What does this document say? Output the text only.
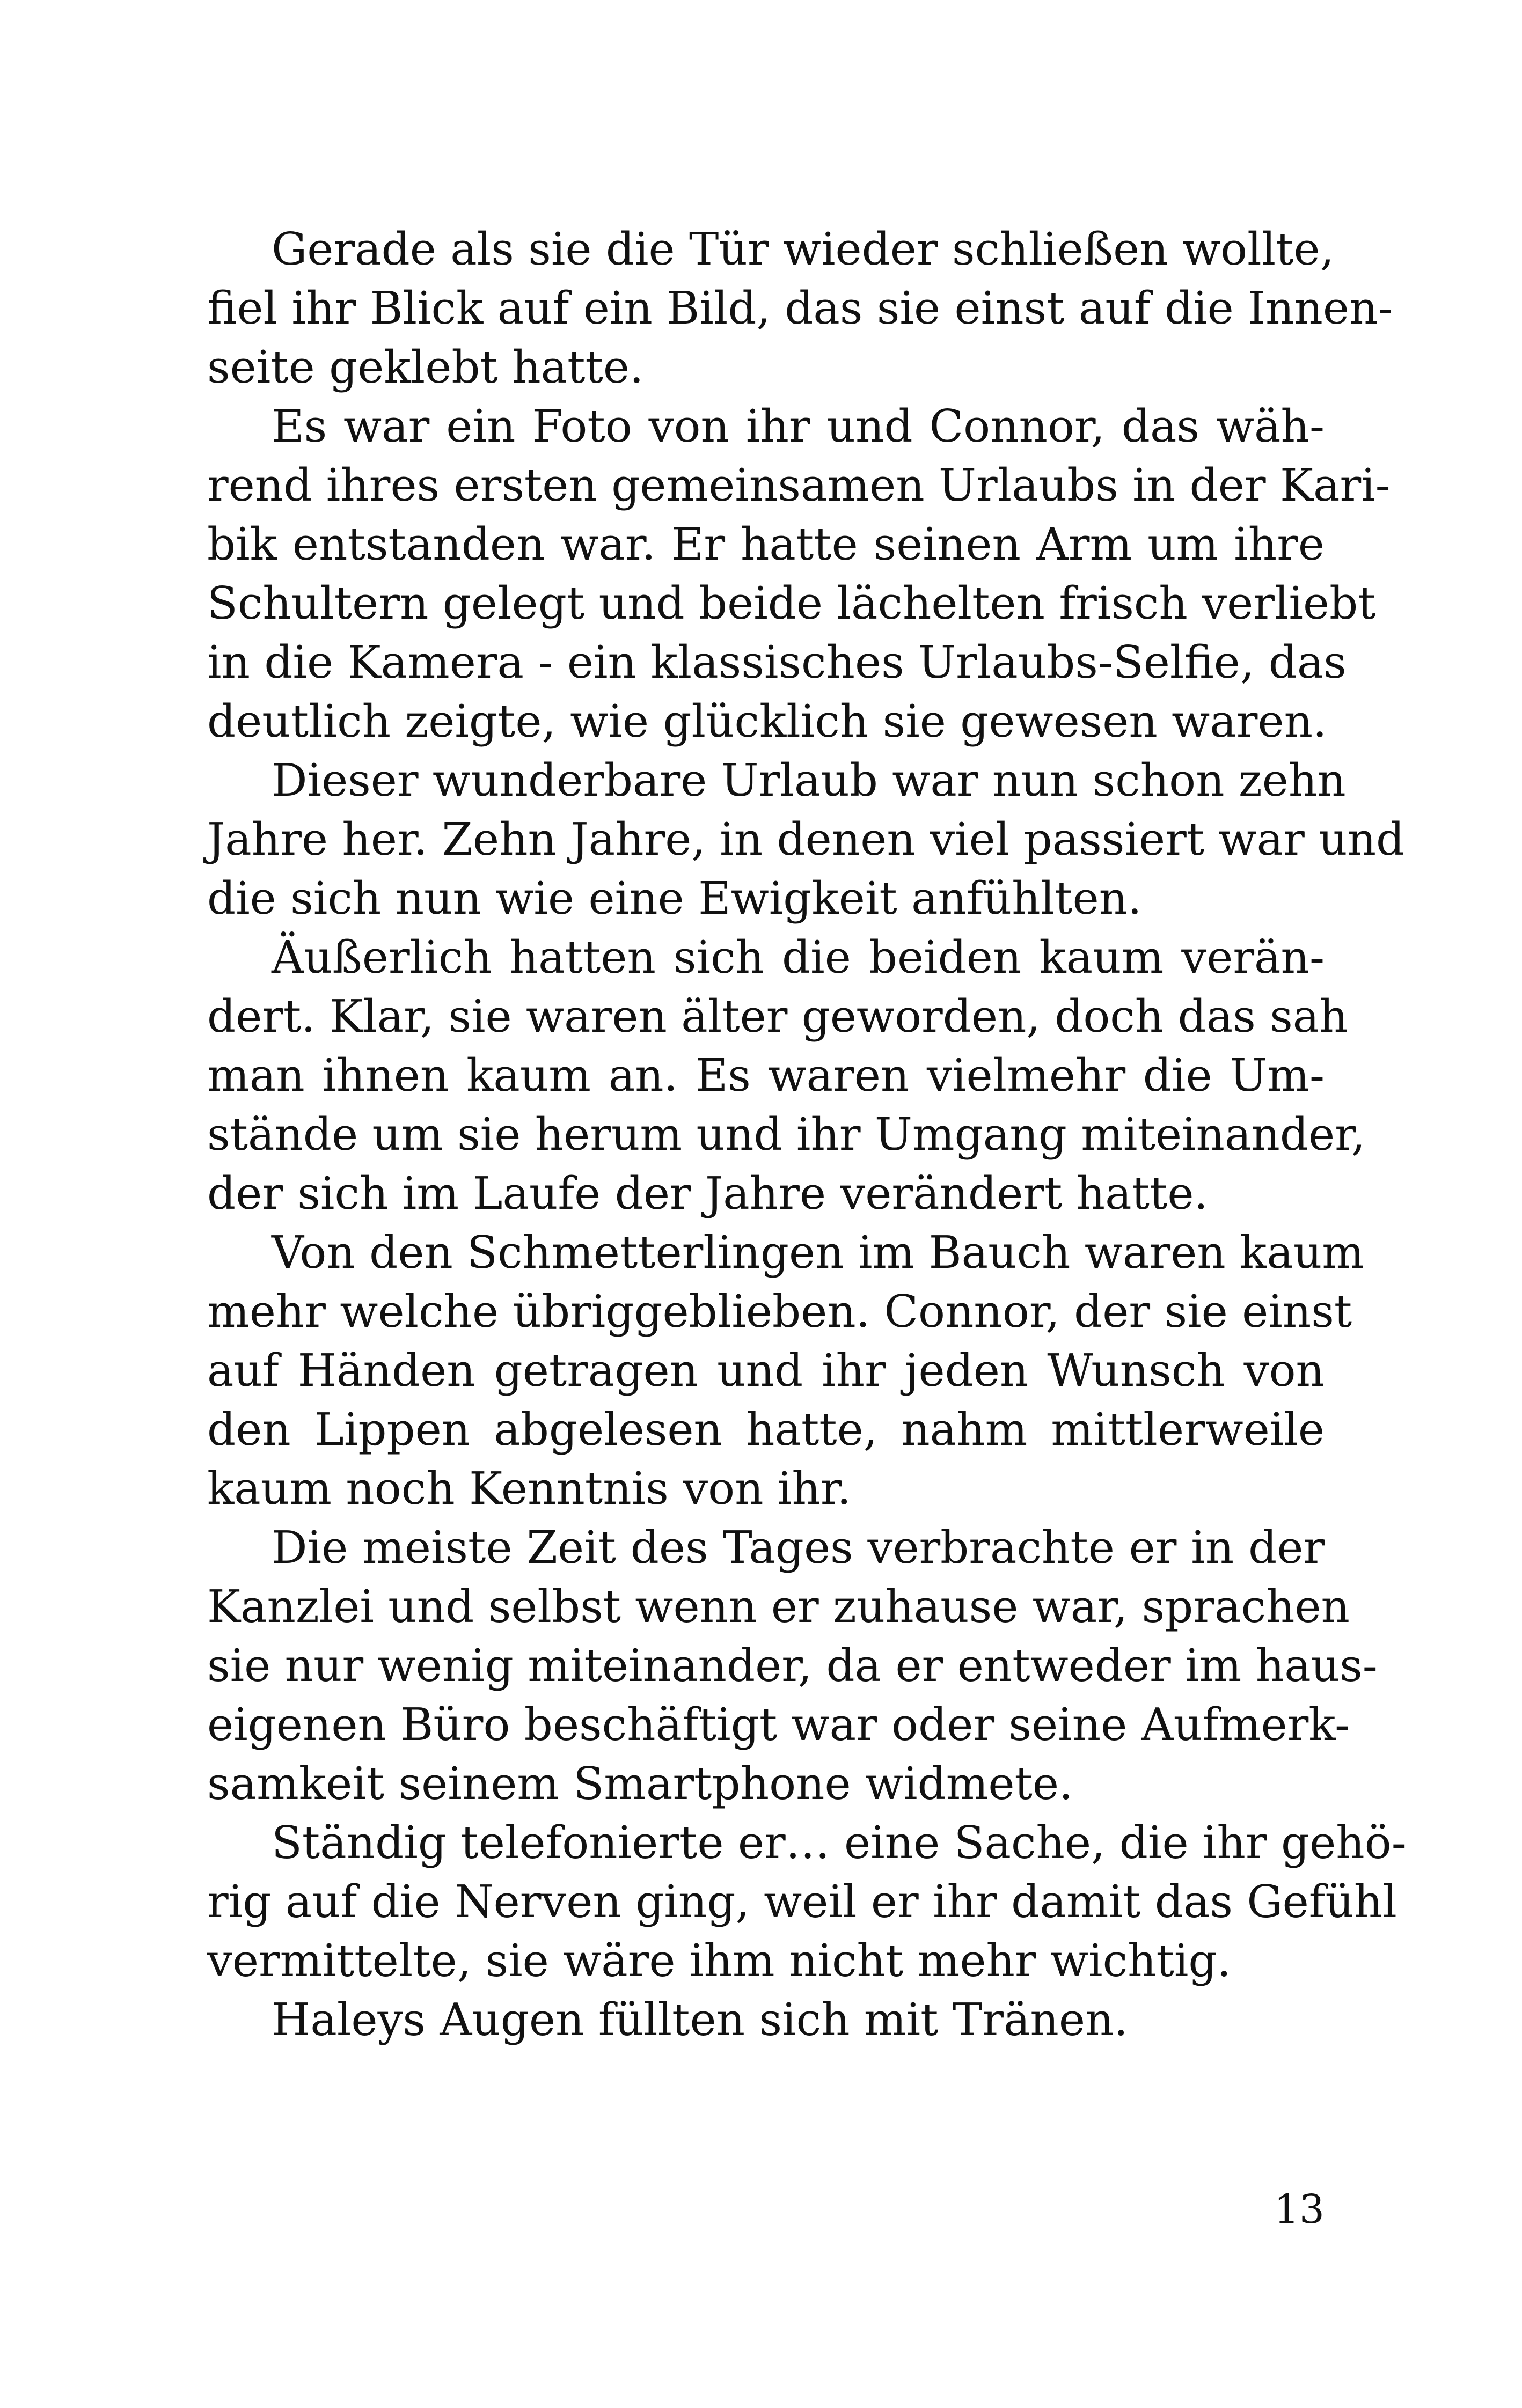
Gerade als sie die Tür wieder schließen wollte,

fiel ihr Blick auf ein Bild, das sie einst auf die Innen-

seite geklebt hatte.

Es war ein Foto von ihr und Connor, das wäh-

rend ihres ersten gemeinsamen Urlaubs in der Kari-

bik entstanden war. Er hatte seinen Arm um ihre

Schultern gelegt und beide lächelten frisch verliebt

in die Kamera - ein klassisches Urlaubs-Selfie, das

deutlich zeigte, wie glücklich sie gewesen waren.

Dieser wunderbare Urlaub war nun schon zehn

Jahre her. Zehn Jahre, in denen viel passiert war und

die sich nun wie eine Ewigkeit anfühlten.

Äußerlich hatten sich die beiden kaum verän-

dert. Klar, sie waren älter geworden, doch das sah

man ihnen kaum an. Es waren vielmehr die Um-

stände um sie herum und ihr Umgang miteinander,

der sich im Laufe der Jahre verändert hatte.

Von den Schmetterlingen im Bauch waren kaum

mehr welche übriggeblieben. Connor, der sie einst

auf Händen getragen und ihr jeden Wunsch von

den Lippen abgelesen hatte, nahm mittlerweile

kaum noch Kenntnis von ihr.

Die meiste Zeit des Tages verbrachte er in der

Kanzlei und selbst wenn er zuhause war, sprachen

sie nur wenig miteinander, da er entweder im haus-

eigenen Büro beschäftigt war oder seine Aufmerk-

samkeit seinem Smartphone widmete.

Ständig telefonierte er… eine Sache, die ihr gehö-

rig auf die Nerven ging, weil er ihr damit das Gefühl

vermittelte, sie wäre ihm nicht mehr wichtig.

Haleys Augen füllten sich mit Tränen.

13
